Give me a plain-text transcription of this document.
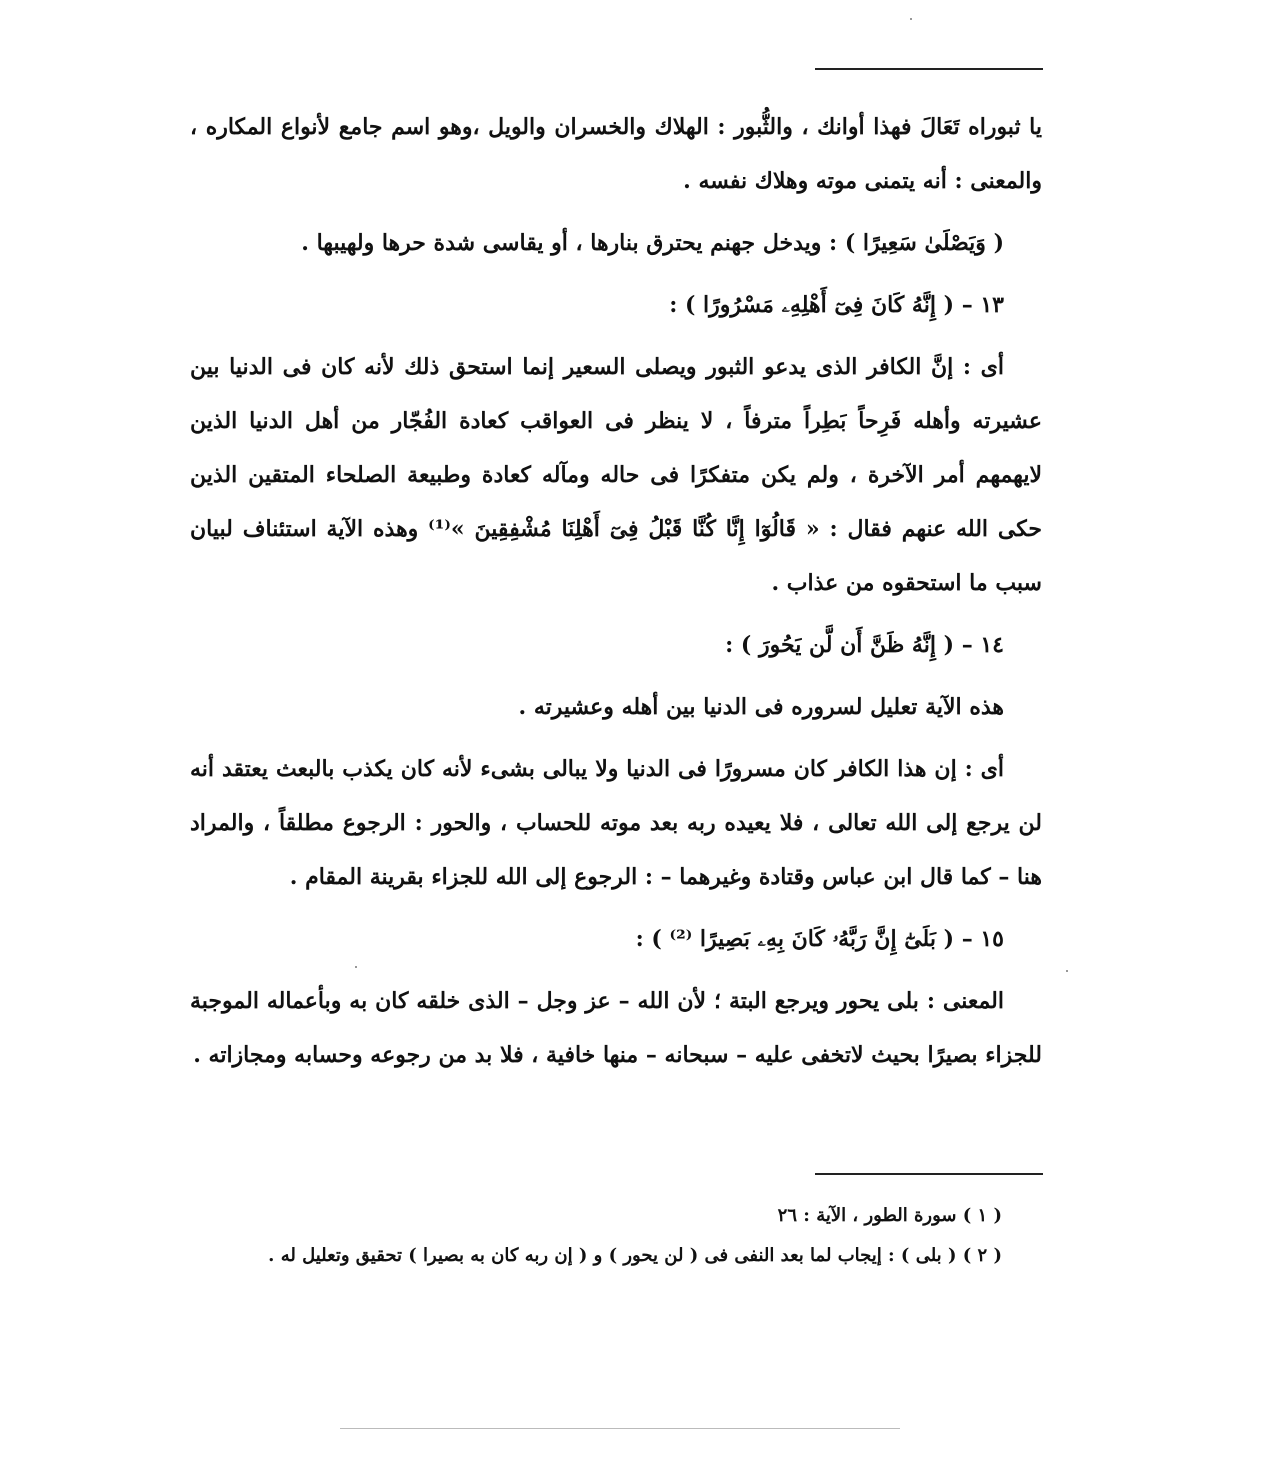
يا ثبوراه تَعَالَ فهذا أوانك ، والثُّبور : الهلاك والخسران والويل ،وهو اسم جامع لأنواع المكاره ، والمعنى : أنه يتمنى موته وهلاك نفسه .

( وَيَصْلَىٰ سَعِيرًا ) : ويدخل جهنم يحترق بنارها ، أو يقاسى شدة حرها ولهيبها .

١٣ – ( إِنَّهُ كَانَ فِىٓ أَهْلِهِۦ مَسْرُورًا ) :

أى : إنَّ الكافر الذى يدعو الثبور ويصلى السعير إنما استحق ذلك لأنه كان فى الدنيا بين عشيرته وأهله فَرِحاً بَطِراً مترفاً ، لا ينظر فى العواقب كعادة الفُجّار من أهل الدنيا الذين لايهمهم أمر الآخرة ، ولم يكن متفكرًا فى حاله ومآله كعادة وطبيعة الصلحاء المتقين الذين حكى الله عنهم فقال : « قَالُوٓا إِنَّا كُنَّا قَبْلُ فِىٓ أَهْلِنَا مُشْفِقِينَ »⁽¹⁾ وهذه الآية استئناف لبيان سبب ما استحقوه من عذاب .

١٤ – ( إِنَّهُ ظَنَّ أَن لَّن يَحُورَ ) :

هذه الآية تعليل لسروره فى الدنيا بين أهله وعشيرته .

أى : إن هذا الكافر كان مسرورًا فى الدنيا ولا يبالى بشىء لأنه كان يكذب بالبعث يعتقد أنه لن يرجع إلى الله تعالى ، فلا يعيده ربه بعد موته للحساب ، والحور : الرجوع مطلقاً ، والمراد هنا – كما قال ابن عباس وقتادة وغيرهما – : الرجوع إلى الله للجزاء بقرينة المقام .

١٥ – ( بَلَىٰٓ إِنَّ رَبَّهُۥ كَانَ بِهِۦ بَصِيرًا ⁽²⁾ ) :

المعنى : بلى يحور ويرجع البتة ؛ لأن الله – عز وجل – الذى خلقه كان به وبأعماله الموجبة للجزاء بصيرًا بحيث لاتخفى عليه – سبحانه – منها خافية ، فلا بد من رجوعه وحسابه ومجازاته .

( ١ ) سورة الطور ، الآية : ٢٦

( ٢ ) ( بلى ) : إيجاب لما بعد النفى فى ( لن يحور ) و ( إن ربه كان به بصيرا ) تحقيق وتعليل له .
